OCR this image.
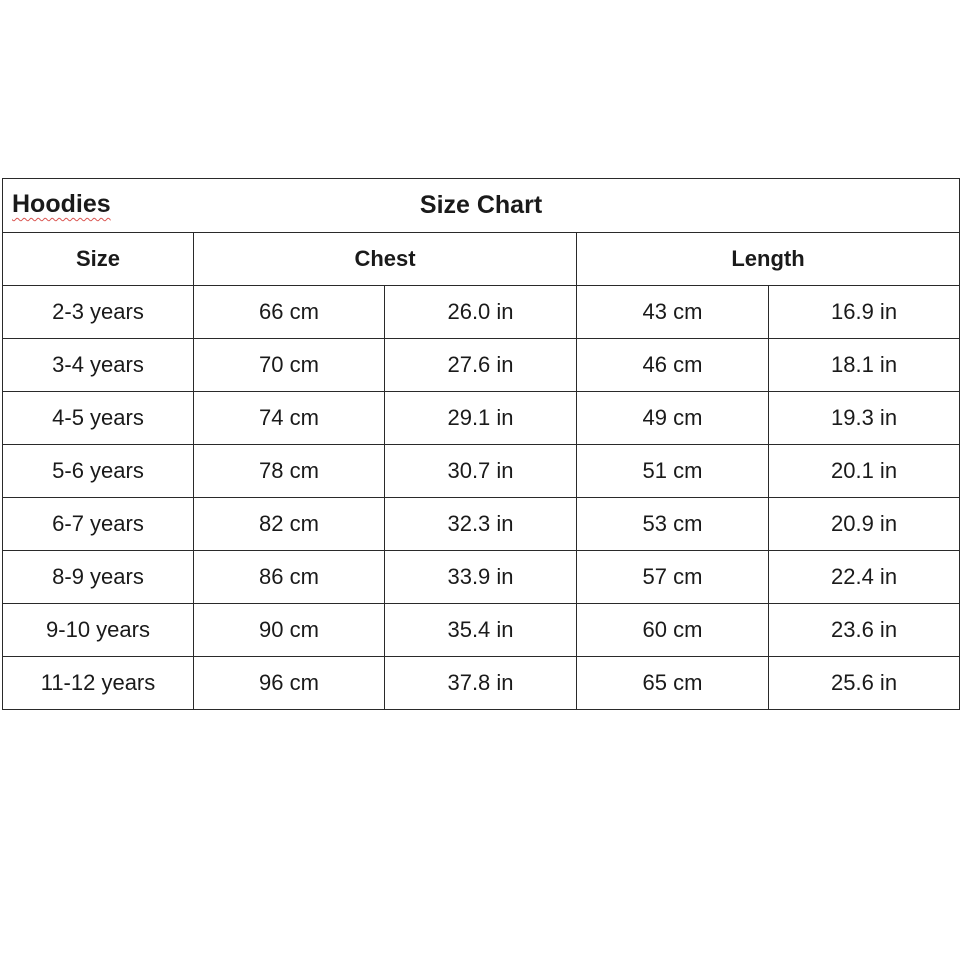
Hoodies Size Chart				

Size	Chest		Length	
2-3 years	66 cm	26.0 in	43 cm	16.9 in
3-4 years	70 cm	27.6 in	46 cm	18.1 in
4-5 years	74 cm	29.1 in	49 cm	19.3 in
5-6 years	78 cm	30.7 in	51 cm	20.1 in
6-7 years	82 cm	32.3 in	53 cm	20.9 in
8-9 years	86 cm	33.9 in	57 cm	22.4 in
9-10 years	90 cm	35.4 in	60 cm	23.6 in
11-12 years	96 cm	37.8 in	65 cm	25.6 in
